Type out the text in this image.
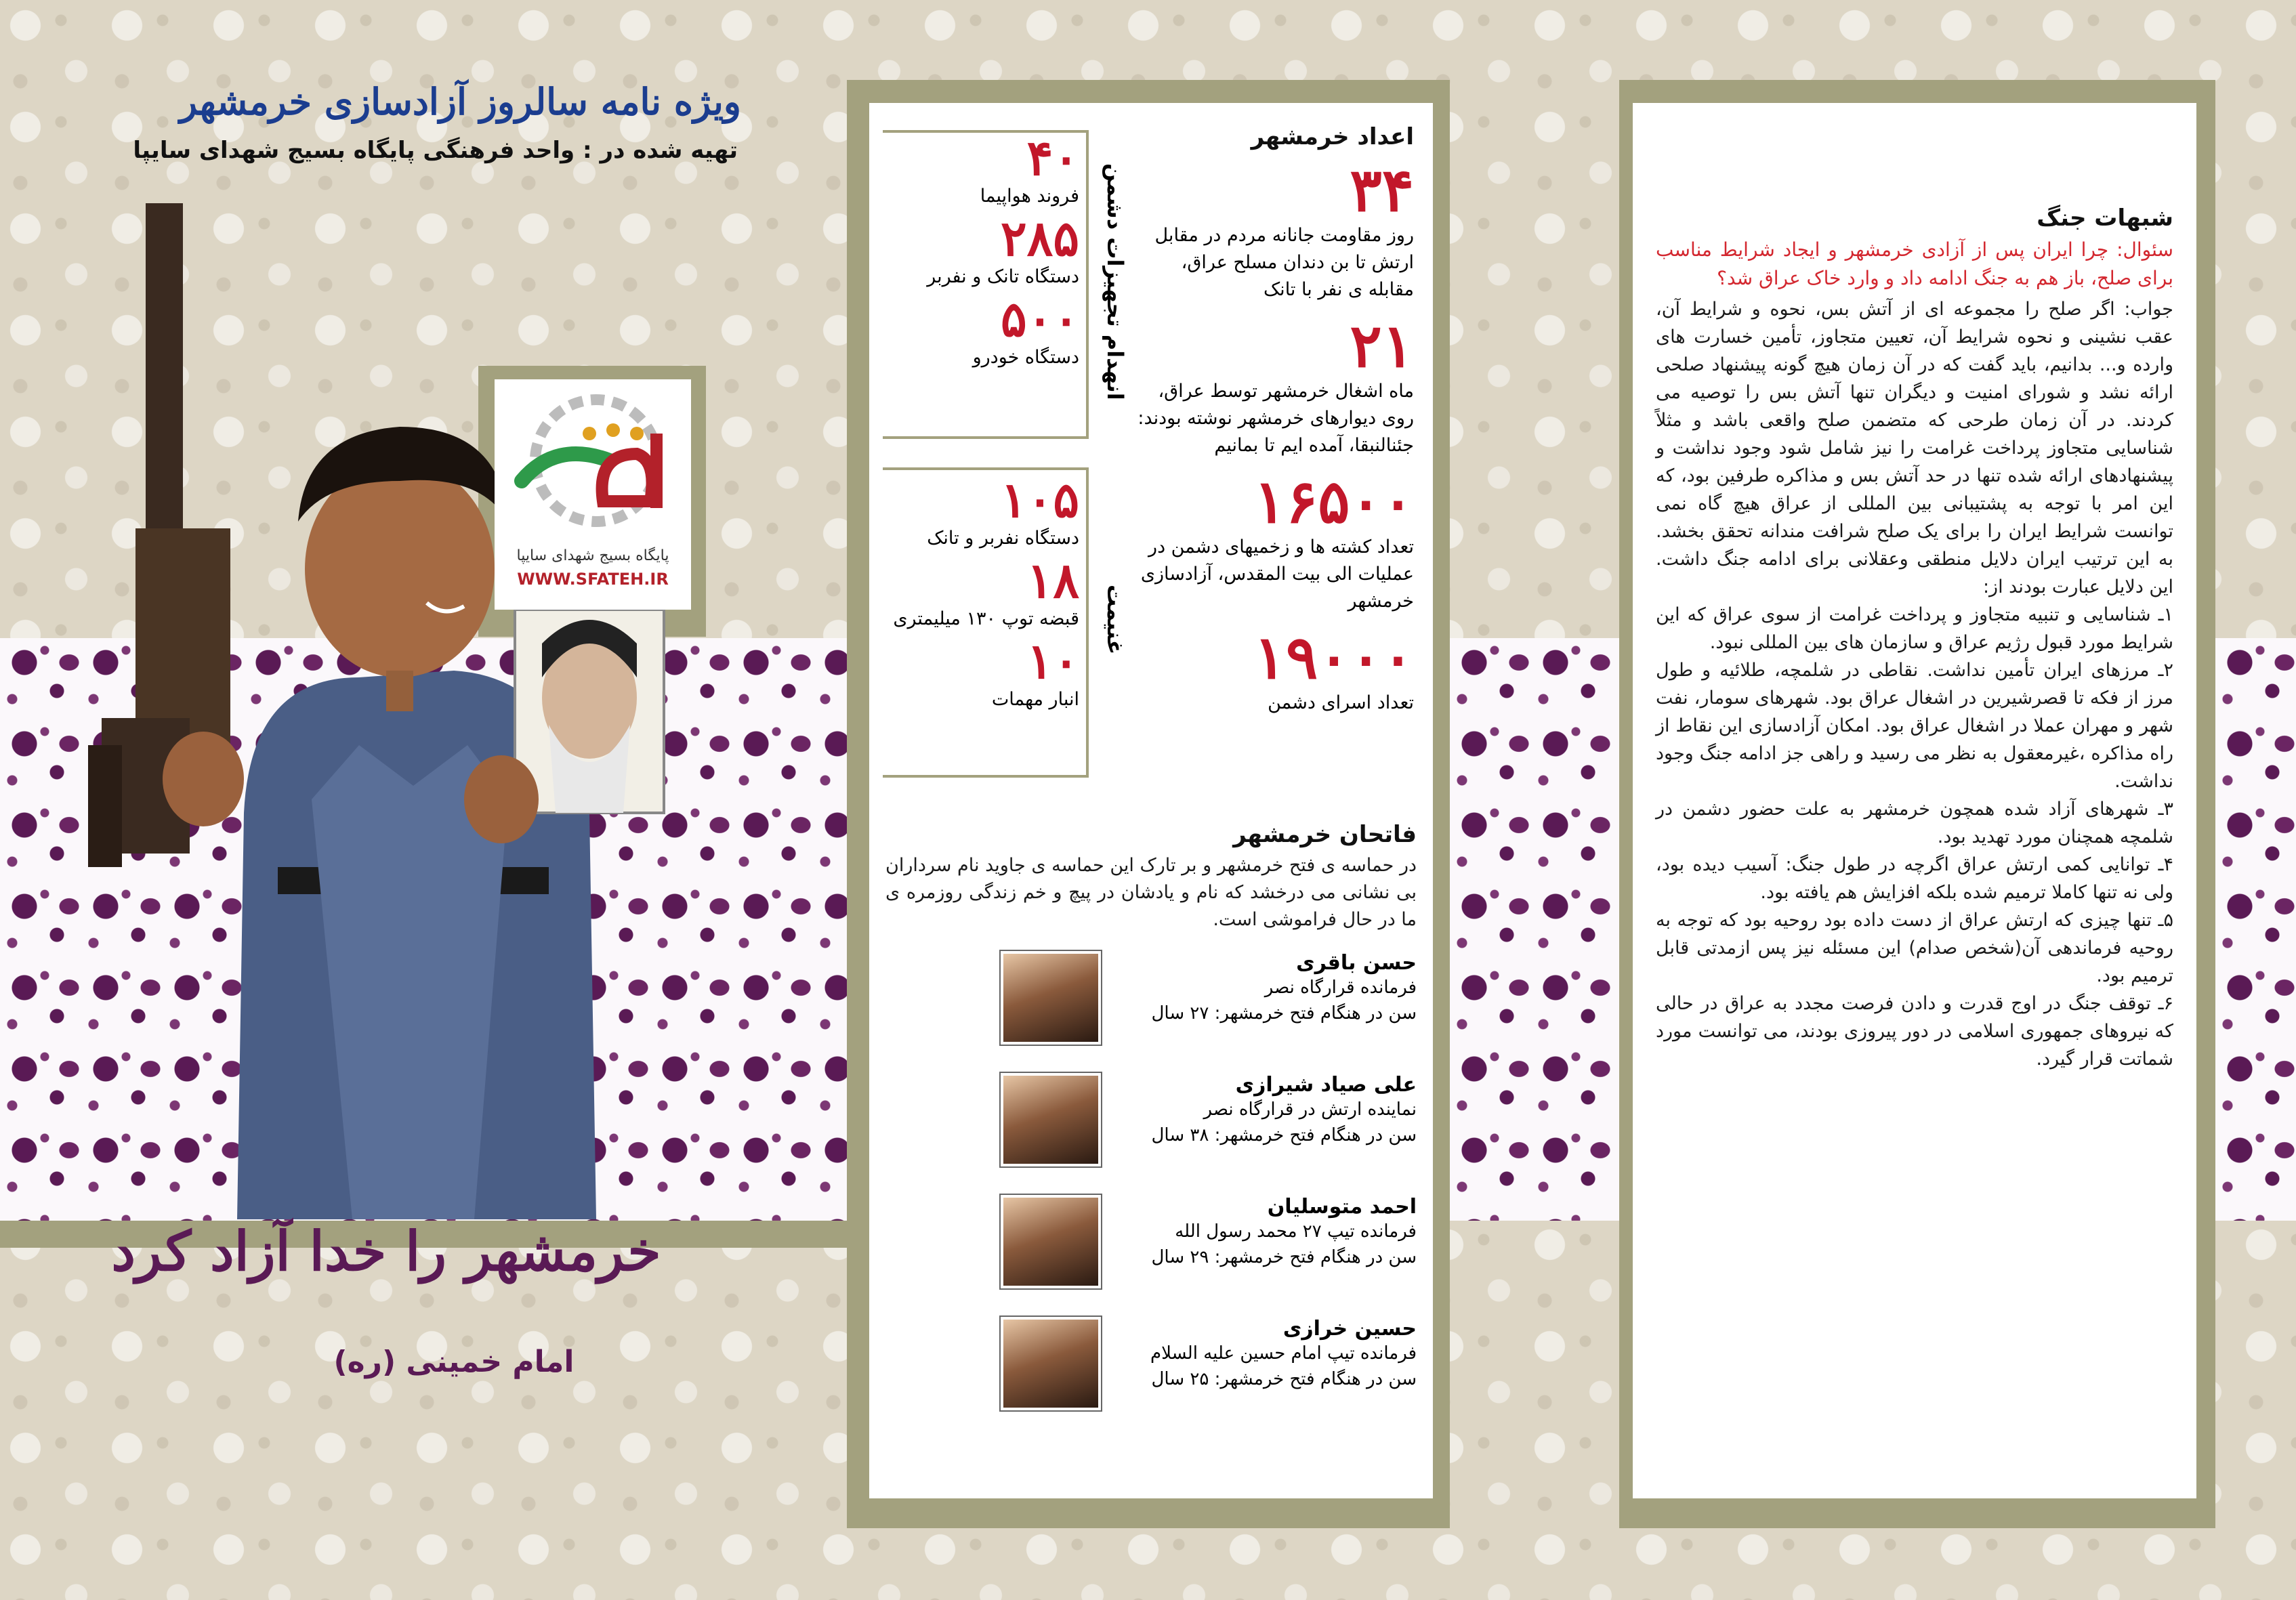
ویژه نامه سالروز آزادسازی خرمشهر
تهیه شده در : واحد فرهنگی پایگاه بسیج شهدای سایپا
پایگاه بسیج شهدای سایپا
WWW.SFATEH.IR
خرمشهر را خدا آزاد کرد
امام خمینی (ره)
اعداد خرمشهر
۳۴
روز مقاومت جانانه مردم در مقابل ارتش تا بن دندان مسلح عراق، مقابله ی نفر با تانک
۲۱
ماه اشغال خرمشهر توسط عراق، روی دیوارهای خرمشهر نوشته بودند: جئنالنبقا، آمده ایم تا بمانیم
۱۶۵۰۰
تعداد کشته ها و زخمیهای دشمن در عملیات الی بیت المقدس، آزادسازی خرمشهر
۱۹۰۰۰
تعداد اسرای دشمن
انهدام تجهیزات دشمن
۴۰
فروند هواپیما
۲۸۵
دستگاه تانک و نفربر
۵۰۰
دستگاه خودرو
غنیمت
۱۰۵
دستگاه نفربر و تانک
۱۸
قبضه توپ ۱۳۰ میلیمتری
۱۰
انبار مهمات
فاتحان خرمشهر
در حماسه ی فتح خرمشهر و بر تارک این حماسه ی جاوید نام سرداران بی نشانی می درخشد که نام و یادشان در پیچ و خم زندگی روزمره ی ما در حال فراموشی است.
حسن باقری
فرمانده قرارگاه نصر
سن در هنگام فتح خرمشهر: ۲۷ سال
علی صیاد شیرازی
نماینده ارتش در قرارگاه نصر
سن در هنگام فتح خرمشهر: ۳۸ سال
احمد متوسلیان
فرمانده تیپ ۲۷ محمد رسول الله
سن در هنگام فتح خرمشهر: ۲۹ سال
حسین خرازی
فرمانده تیپ امام حسین علیه السلام
سن در هنگام فتح خرمشهر: ۲۵ سال
شبهات جنگ
سئوال: چرا ایران پس از آزادی خرمشهر و ایجاد شرایط مناسب برای صلح، باز هم به جنگ ادامه داد و وارد خاک عراق شد؟
جواب: اگر صلح را مجموعه ای از آتش بس، نحوه و شرایط آن، عقب نشینی و نحوه شرایط آن، تعیین متجاوز، تأمین خسارت های وارده و... بدانیم، باید گفت که در آن زمان هیچ گونه پیشنهاد صلحی ارائه نشد و شورای امنیت و دیگران تنها آتش بس را توصیه می کردند. در آن زمان طرحی که متضمن صلح واقعی باشد و مثلاً شناسایی متجاوز پرداخت غرامت را نیز شامل شود وجود نداشت و پیشنهادهای ارائه شده تنها در حد آتش بس و مذاکره طرفین بود، که این امر با توجه به پشتیبانی بین المللی از عراق هیچ گاه نمی توانست شرایط ایران را برای یک صلح شرافت مندانه تحقق بخشد. به این ترتیب ایران دلایل منطقی وعقلانی برای ادامه جنگ داشت. این دلایل عبارت بودند از:
۱ـ شناسایی و تنبیه متجاوز و پرداخت غرامت از سوی عراق که این شرایط مورد قبول رژیم عراق و سازمان های بین المللی نبود.
۲ـ مرزهای ایران تأمین نداشت. نقاطی در شلمچه، طلائیه و طول مرز از فکه تا قصرشیرین در اشغال عراق بود. شهرهای سومار، نفت شهر و مهران عملا در اشغال عراق بود. امکان آزادسازی این نقاط از راه مذاکره ،غیرمعقول به نظر می رسید و راهی جز ادامه جنگ وجود نداشت.
۳ـ شهرهای آزاد شده همچون خرمشهر به علت حضور دشمن در شلمچه همچنان مورد تهدید بود.
۴ـ توانایی کمی ارتش عراق اگرچه در طول جنگ: آسیب دیده بود، ولی نه تنها کاملا ترمیم شده بلکه افزایش هم یافته بود.
۵ـ تنها چیزی که ارتش عراق از دست داده بود روحیه بود که توجه به روحیه فرماندهی آن(شخص صدام) این مسئله نیز پس ازمدتی قابل ترمیم بود.
۶ـ توقف جنگ در اوج قدرت و دادن فرصت مجدد به عراق در حالی که نیروهای جمهوری اسلامی در دور پیروزی بودند، می توانست مورد شماتت قرار گیرد.
